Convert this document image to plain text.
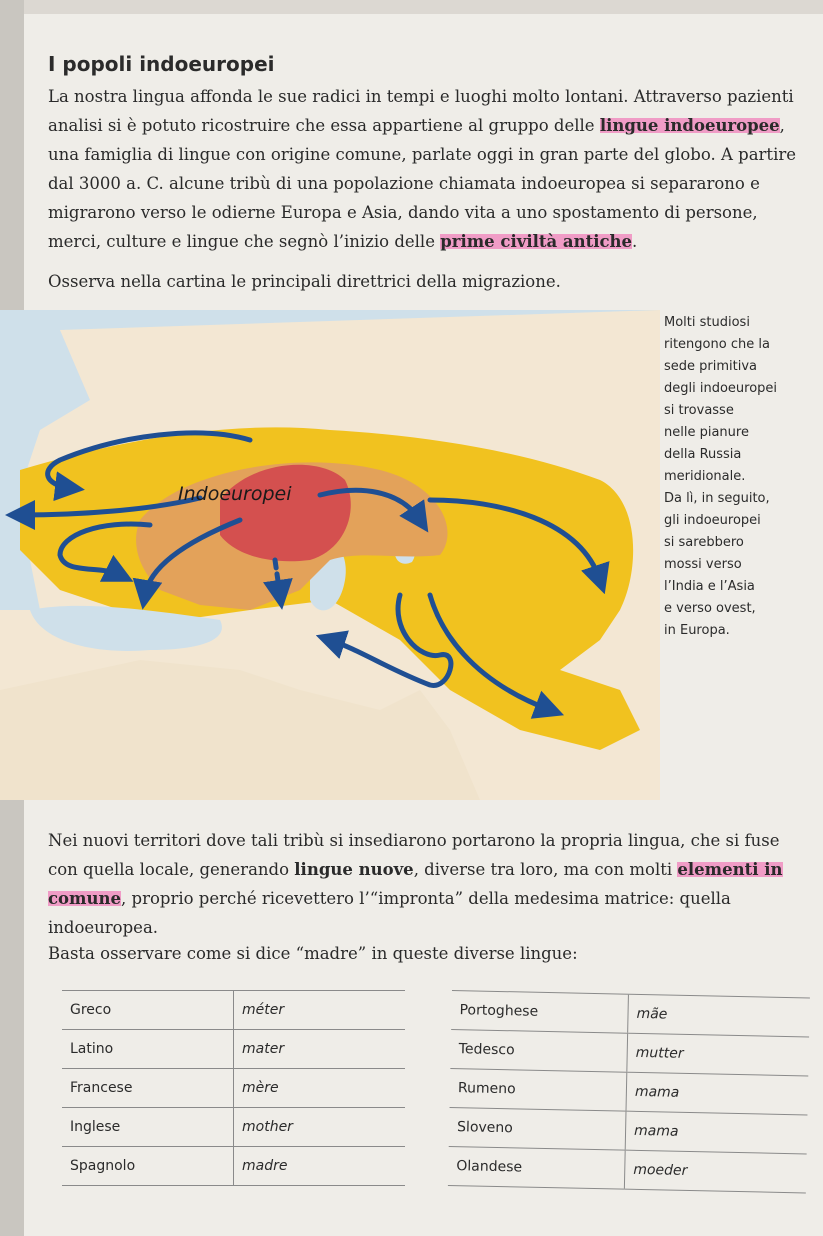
I popoli indoeuropei
La nostra lingua affonda le sue radici in tempi e luoghi molto lontani. Attraverso pazienti analisi si è potuto ricostruire che essa appartiene al gruppo delle lingue indoeuropee, una famiglia di lingue con origine comune, parlate oggi in gran parte del globo. A partire dal 3000 a. C. alcune tribù di una popolazione chiamata indoeuropea si separarono e migrarono verso le odierne Europa e Asia, dando vita a uno spostamento di persone, merci, culture e lingue che segnò l’inizio delle prime civiltà antiche.
Osserva nella cartina le principali direttrici della migrazione.
Indoeuropei
Molti studiosi
ritengono che la
sede primitiva
degli indoeuropei
si trovasse
nelle pianure
della Russia
meridionale.
Da lì, in seguito,
gli indoeuropei
si sarebbero
mossi verso
l’India e l’Asia
e verso ovest,
in Europa.
Nei nuovi territori dove tali tribù si insediarono portarono la propria lingua, che si fuse con quella locale, generando lingue nuove, diverse tra loro, ma con molti elementi in comune, proprio perché ricevettero l’“impronta” della medesima matrice: quella indoeuropea.
Basta osservare come si dice “madre” in queste diverse lingue:
Greco	méter
Latino	mater
Francese	mère
Inglese	mother
Spagnolo	madre
Portoghese	mãe
Tedesco	mutter
Rumeno	mama
Sloveno	mama
Olandese	moeder
